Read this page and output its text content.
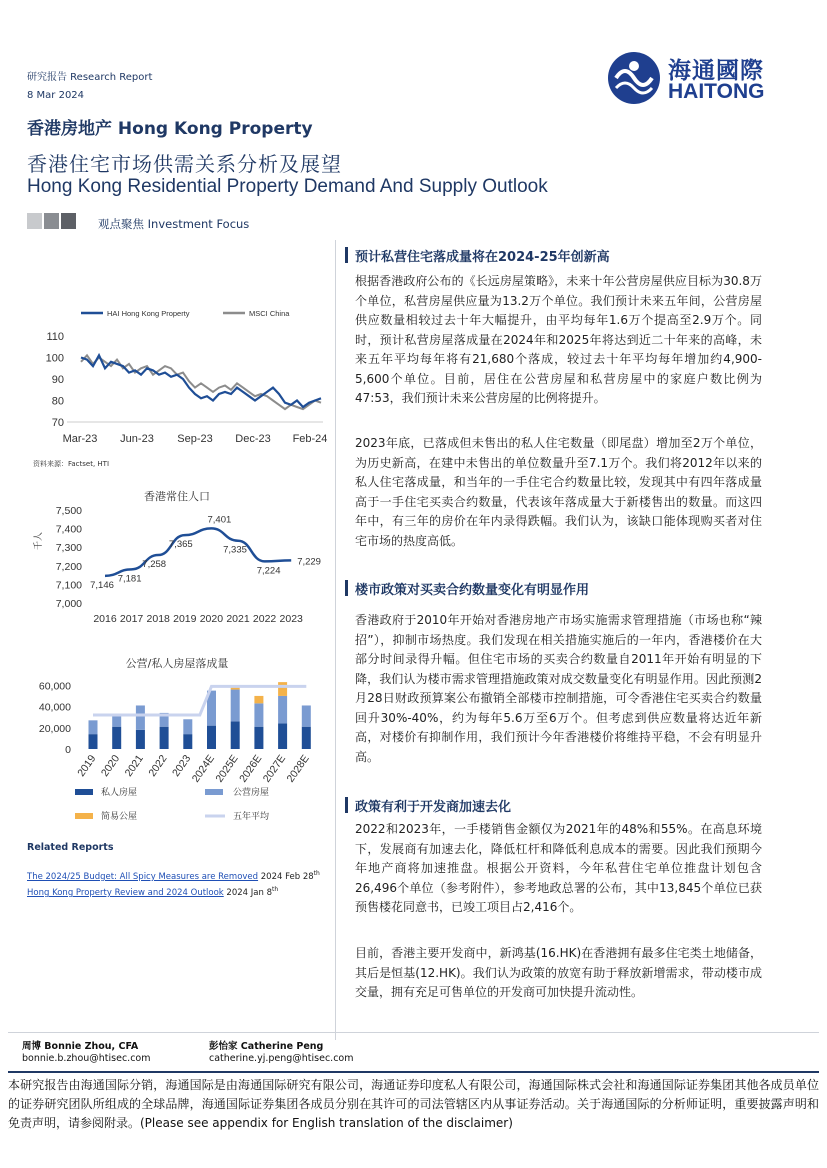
研究报告 Research Report
8 Mar 2024
海通國際
HAITONG
香港房地产 Hong Kong Property
香港住宅市场供需关系分析及展望
Hong Kong Residential Property Demand And Supply Outlook
观点聚焦 Investment Focus
HAI Hong Kong Property	MSCI China
110
100
90
80
70
Mar-23 Jun-23 Sep-23 Dec-23 Feb-24
资料来源：Factset, HTI
香港常住人口
千人
7,500
7,400
7,300
7,200
7,100
7,000
2016 2017 2018 2019 2020 2021 2022 2023
7,146
7,181
7,258
7,365
7,401
7,335
7,224
7,229
公营/私人房屋落成量
60,000
40,000
20,000
0
2019 2020 2021 2022 2023
2024E
2025E
2026E
2027E
2028E
私人房屋	公营房屋
简易公屋	五年平均
Related Reports
The 2024/25 Budget: All Spicy Measures are Removed 2024 Feb 28th
Hong Kong Property Review and 2024 Outlook 2024 Jan 8th
预计私营住宅落成量将在2024-25年创新高
根据香港政府公布的《长远房屋策略》，未来十年公营房屋供应目标为30.8万个单位，私营房屋供应量为13.2万个单位。我们预计未来五年间，公营房屋供应数量相较过去十年大幅提升，由平均每年1.6万个提高至2.9万个。同时，预计私营房屋落成量在2024年和2025年将达到近二十年来的高峰，未来五年平均每年将有21,680个落成，较过去十年平均每年增加约4,900-5,600个单位。目前，居住在公营房屋和私营房屋中的家庭户数比例为47:53，我们预计未来公营房屋的比例将提升。
2023年底，已落成但未售出的私人住宅数量（即尾盘）增加至2万个单位，为历史新高，在建中未售出的单位数量升至7.1万个。我们将2012年以来的私人住宅落成量，和当年的一手住宅合约数量比较，发现其中有四年落成量高于一手住宅买卖合约数量，代表该年落成量大于新楼售出的数量。而这四年中，有三年的房价在年内录得跌幅。我们认为，该缺口能体现购买者对住宅市场的热度高低。
楼市政策对买卖合约数量变化有明显作用
香港政府于2010年开始对香港房地产市场实施需求管理措施（市场也称“辣招”），抑制市场热度。我们发现在相关措施实施后的一年内，香港楼价在大部分时间录得升幅。但住宅市场的买卖合约数量自2011年开始有明显的下降，我们认为楼市需求管理措施政策对成交数量变化有明显作用。因此预测2月28日财政预算案公布撤销全部楼市控制措施，可令香港住宅买卖合约数量回升30%-40%，约为每年5.6万至6万个。但考虑到供应数量将达近年新高，对楼价有抑制作用，我们预计今年香港楼价将维持平稳，不会有明显升高。
政策有利于开发商加速去化
2022和2023年，一手楼销售金额仅为2021年的48%和55%。在高息环境下，发展商有加速去化，降低杠杆和降低利息成本的需要。因此我们预期今年地产商将加速推盘。根据公开资料，今年私营住宅单位推盘计划包含26,496个单位（参考附件），参考地政总署的公布，其中13,845个单位已获预售楼花同意书，已竣工项目占2,416个。
目前，香港主要开发商中，新鸿基(16.HK)在香港拥有最多住宅类土地储备，其后是恒基(12.HK)。我们认为政策的放宽有助于释放新增需求，带动楼市成交量，拥有充足可售单位的开发商可加快提升流动性。
周博 Bonnie Zhou, CFA
bonnie.b.zhou@htisec.com
彭怡家 Catherine Peng
catherine.yj.peng@htisec.com
本研究报告由海通国际分销，海通国际是由海通国际研究有限公司，海通证券印度私人有限公司，海通国际株式会社和海通国际证券集团其他各成员单位的证券研究团队所组成的全球品牌，海通国际证券集团各成员分别在其许可的司法管辖区内从事证券活动。关于海通国际的分析师证明，重要披露声明和免责声明，请参阅附录。(Please see appendix for English translation of the disclaimer)
